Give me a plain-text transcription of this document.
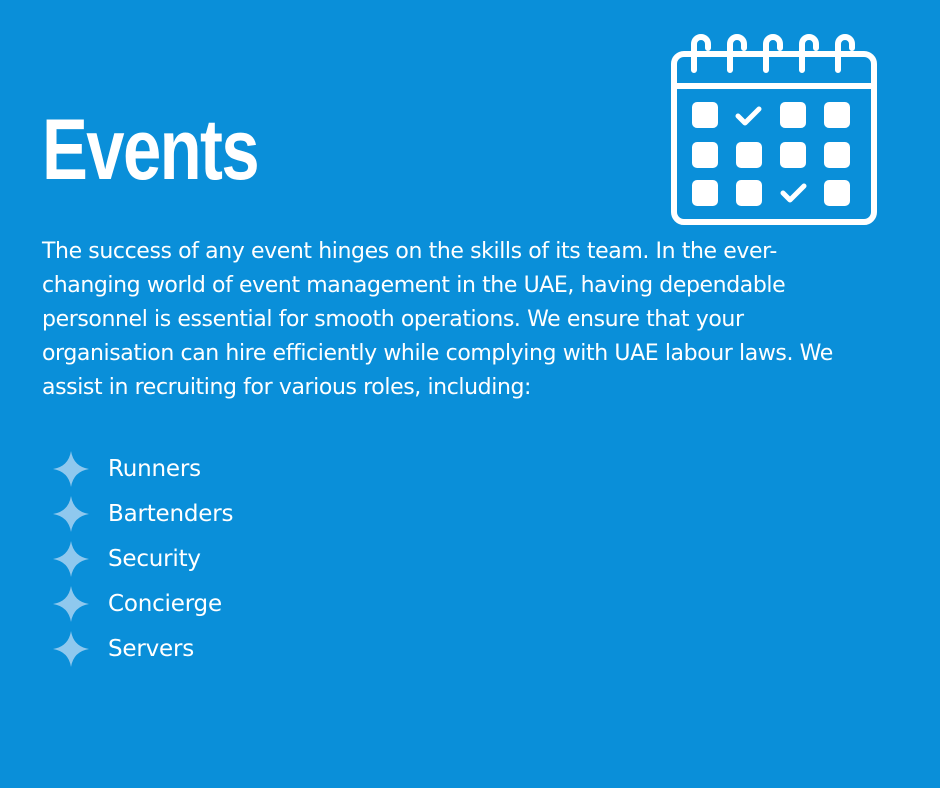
Events

The success of any event hinges on the skills of its team. In the ever-changing world of event management in the UAE, having dependable personnel is essential for smooth operations. We ensure that your organisation can hire efficiently while complying with UAE labour laws. We assist in recruiting for various roles, including:

Runners
Bartenders
Security
Concierge
Servers
